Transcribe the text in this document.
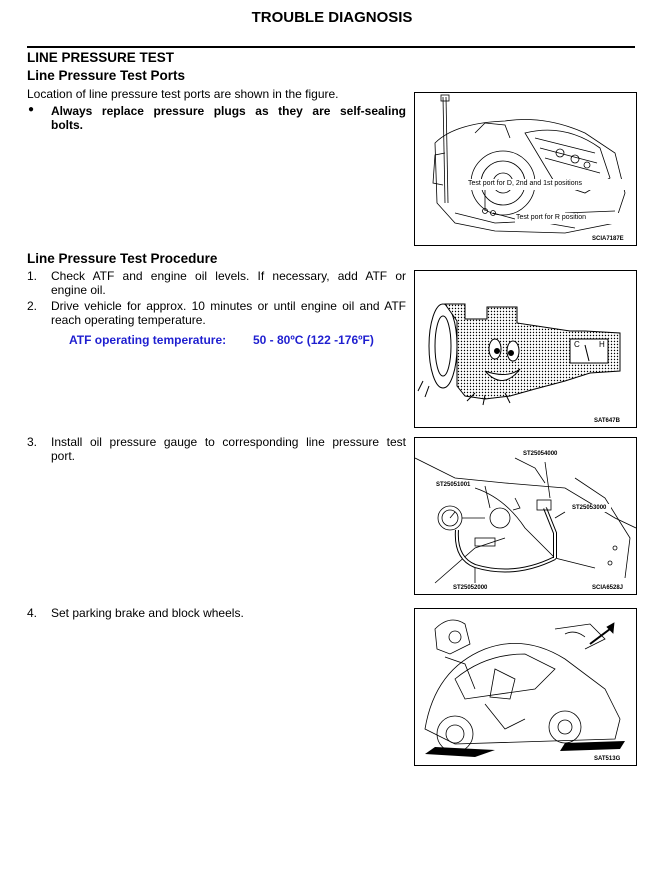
TROUBLE DIAGNOSIS
LINE PRESSURE TEST
Line Pressure Test Ports
Location of line pressure test ports are shown in the figure.
● Always replace pressure plugs as they are self-sealing
bolts.
Test port for D, 2nd and 1st positions
Test port for R position
SCIA7187E
Line Pressure Test Procedure
1. Check ATF and engine oil levels. If necessary, add ATF or
engine oil.
2. Drive vehicle for approx. 10 minutes or until engine oil and ATF
reach operating temperature.
ATF operating temperature: 50 - 80ºC (122 -176ºF)	C H
SAT647B
3. Install oil pressure gauge to corresponding line pressure test
port.	ST25054000
ST25051001
ST25053000
ST25052000	SCIA6528J
4. Set parking brake and block wheels.
SAT513G
